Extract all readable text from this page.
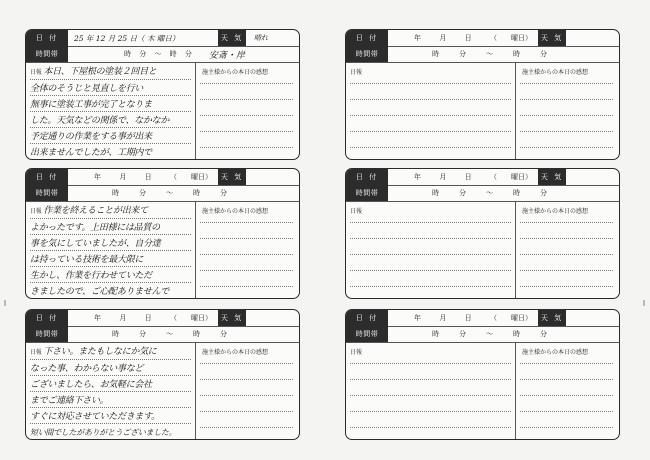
日 付	25 年 12 月 25 日（ 木 曜日）	天 気	晴れ
時間帯	時 分 ～ 時 分 安斎・岸
日報 本日、下屋根の塗装２回目と
全体のそうじと見直しを行い
無事に塗装工事が完了となりま
した。天気などの関係で、なかなか
予定通りの作業をする事が出来
出来ませんでしたが、工期内で
施主様からの本日の感想
日 付	年	月	日	（　　曜日）	天 気
時間帯	時	分	～	時	分
日報 作業を終えることが出来て
よかったです。上田様には品質の
事を気にしていましたが、自分達
は持っている技術を最大限に
生かし、作業を行わせていただ
きましたので、ご心配ありませんで
施主様からの本日の感想
日 付	年	月	日	（　　曜日）	天 気
時間帯	時	分	～	時	分
日報 下さい。またもしなにか気に
なった事、わからない事など
ございましたら、お気軽に会社
までご連絡下さい。
すぐに対応させていただきます。
短い間でしたがありがとうございました。
施主様からの本日の感想
日 付	年	月	日	（　　曜日）	天 気
時間帯	時	分	～	時	分
日報	施主様からの本日の感想
日 付	年	月	日	（　　曜日）	天 気
時間帯	時	分	～	時	分
日報	施主様からの本日の感想
日 付	年	月	日	（　　曜日）	天 気
時間帯	時	分	～	時	分
日報	施主様からの本日の感想
